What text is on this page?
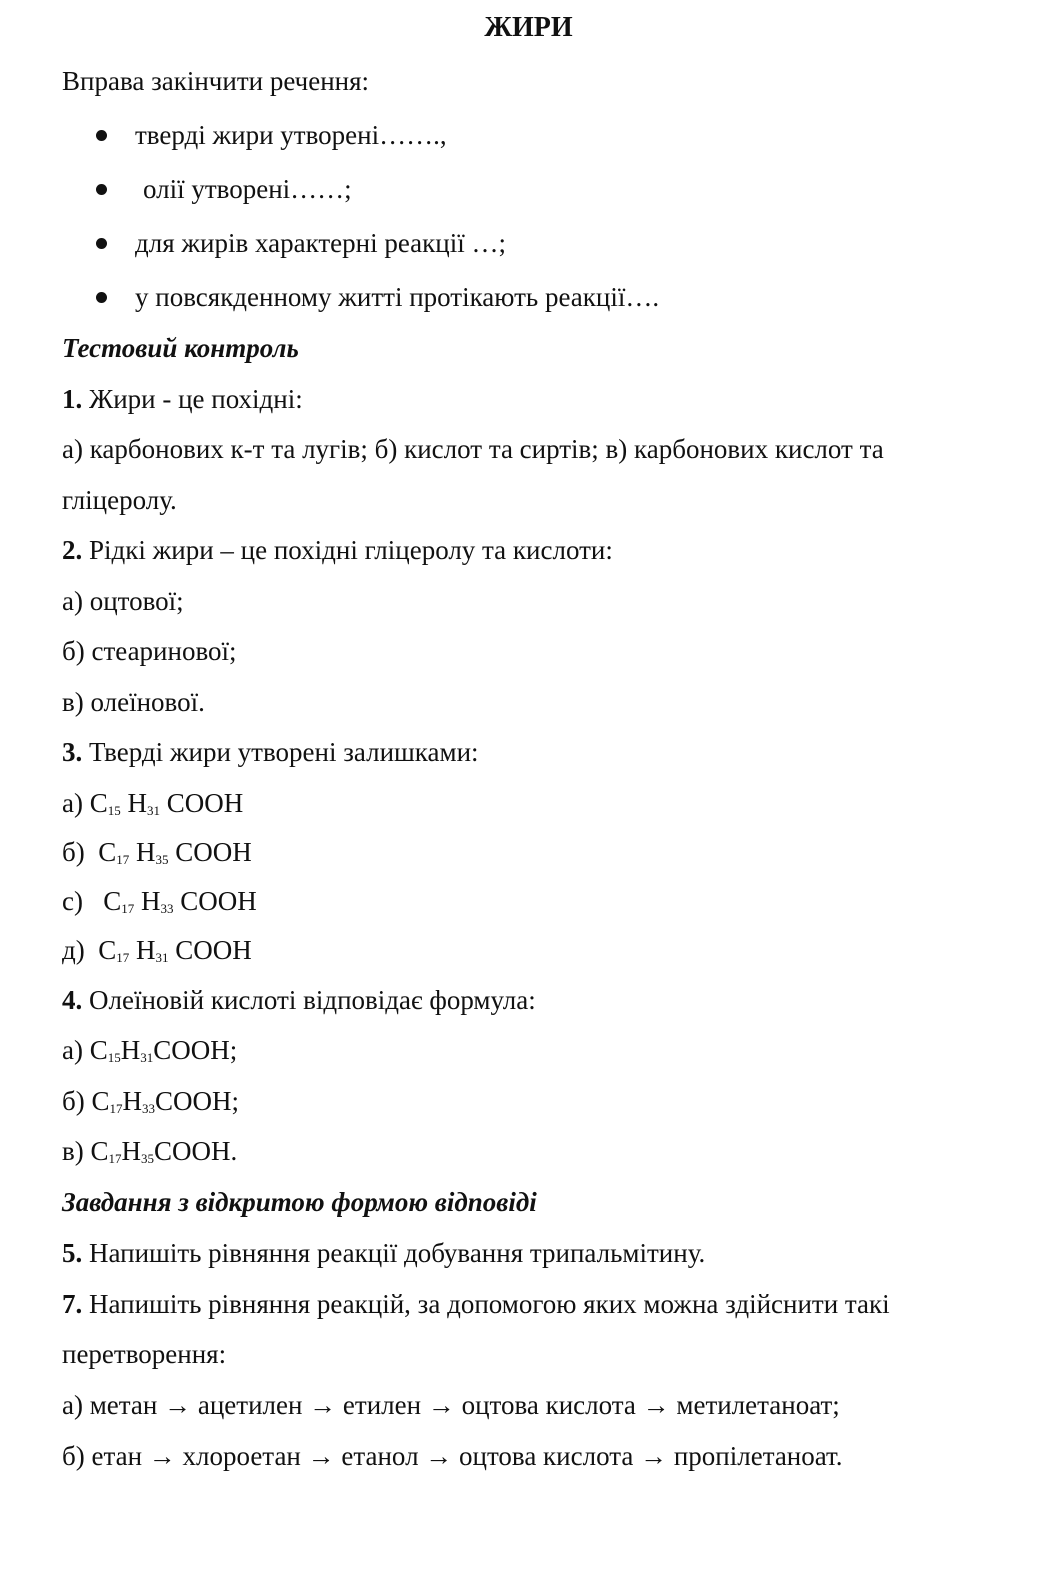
ЖИРИ
Вправа закінчити речення:
тверді жири утворені…….,
олії утворені……;
для жирів характерні реакції …;
у повсякденному житті протікають реакції….
Тестовий контроль
1. Жири - це похідні:
а) карбонових к-т та лугів; б) кислот та сиртів; в) карбонових кислот та
гліцеролу.
2. Рідкі жири – це похідні гліцеролу та кислоти:
а) оцтової;
б) стеаринової;
в) олеїнової.
3. Тверді жири утворені залишками:
а) $C_{15}$ $H_{31}$ COOH
б) $C_{17}$ $H_{35}$ COOH
с) $C_{17}$ $H_{33}$ COOH
д) $C_{17}$ $H_{31}$ COOH
4. Олеїновій кислоті відповідає формула:
а) $C_{15}H_{31}COOH$;
б) $C_{17}H_{33}COOH$;
в) $C_{17}H_{35}COOH$.
Завдання з відкритою формою відповіді
5. Напишіть рівняння реакції добування трипальмітину.
7. Напишіть рівняння реакцій, за допомогою яких можна здійснити такі
перетворення:
а) метан → ацетилен → етилен → оцтова кислота → метилетаноат;
б) етан → хлороетан → етанол → оцтова кислота → пропілетаноат.
